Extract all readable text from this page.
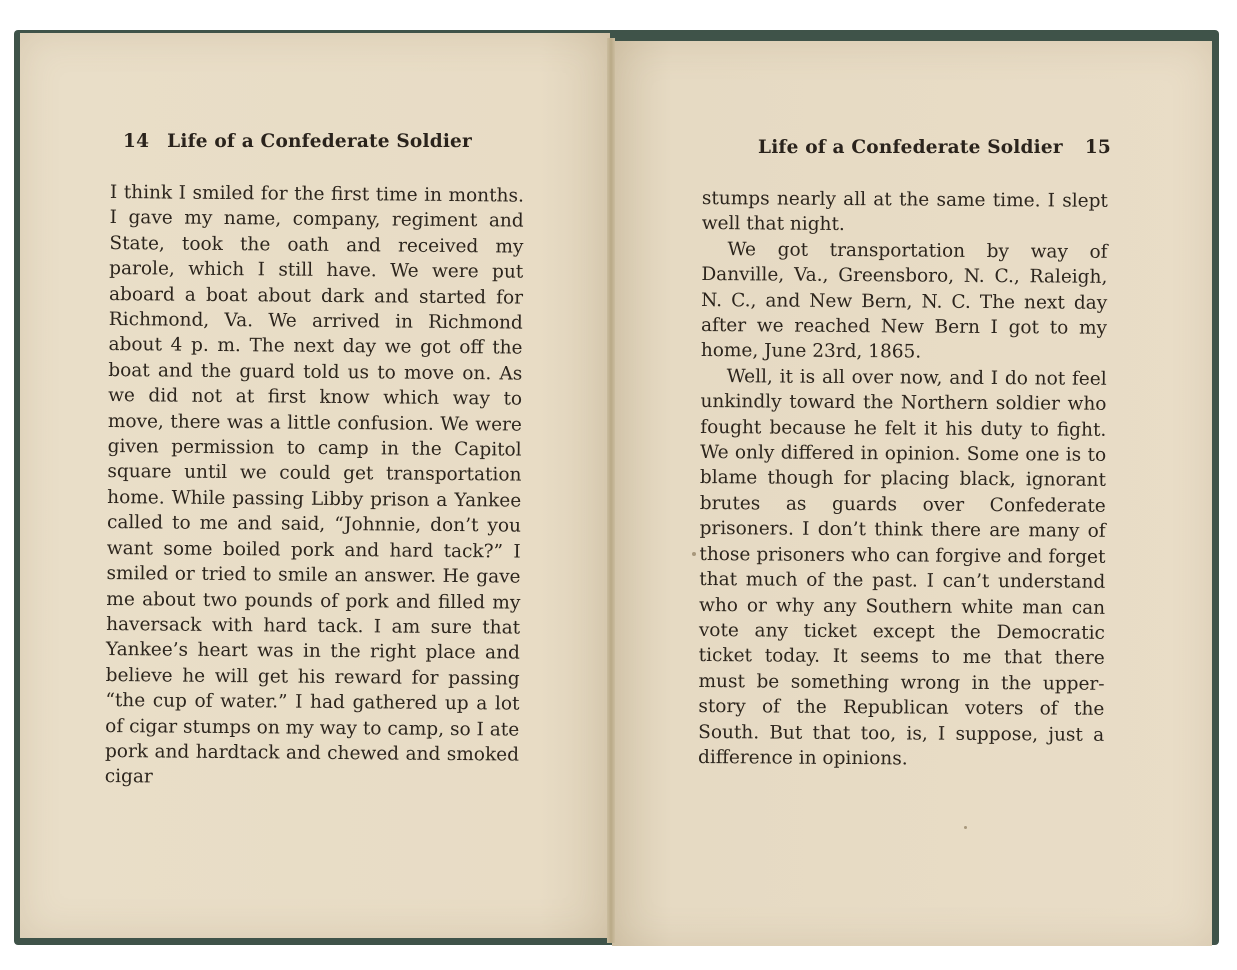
14 Life of a Confederate Soldier	Life of a Confederate Soldier 15

I think I smiled for the first time in months. I gave my name, company, regiment and State, took the oath and received my parole, which I still have. We were put aboard a boat about dark and started for Richmond, Va. We arrived in Richmond about 4 p. m. The next day we got off the boat and the guard told us to move on. As we did not at first know which way to move, there was a little confusion. We were given permission to camp in the Capitol square until we could get transportation home. While passing Libby prison a Yankee called to me and said, “Johnnie, don’t you want some boiled pork and hard tack?” I smiled or tried to smile an answer. He gave me about two pounds of pork and filled my haversack with hard tack. I am sure that Yankee’s heart was in the right place and believe he will get his reward for passing “the cup of water.” I had gathered up a lot of cigar stumps on my way to camp, so I ate pork and hardtack and chewed and smoked cigar

stumps nearly all at the same time. I slept well that night.

We got transportation by way of Danville, Va., Greensboro, N. C., Raleigh, N. C., and New Bern, N. C. The next day after we reached New Bern I got to my home, June 23rd, 1865.

Well, it is all over now, and I do not feel unkindly toward the Northern soldier who fought because he felt it his duty to fight. We only differed in opinion. Some one is to blame though for placing black, ignorant brutes as guards over Confederate prisoners. I don’t think there are many of those prisoners who can forgive and forget that much of the past. I can’t understand who or why any Southern white man can vote any ticket except the Democratic ticket today. It seems to me that there must be something wrong in the upper-story of the Republican voters of the South. But that too, is, I suppose, just a difference in opinions.
